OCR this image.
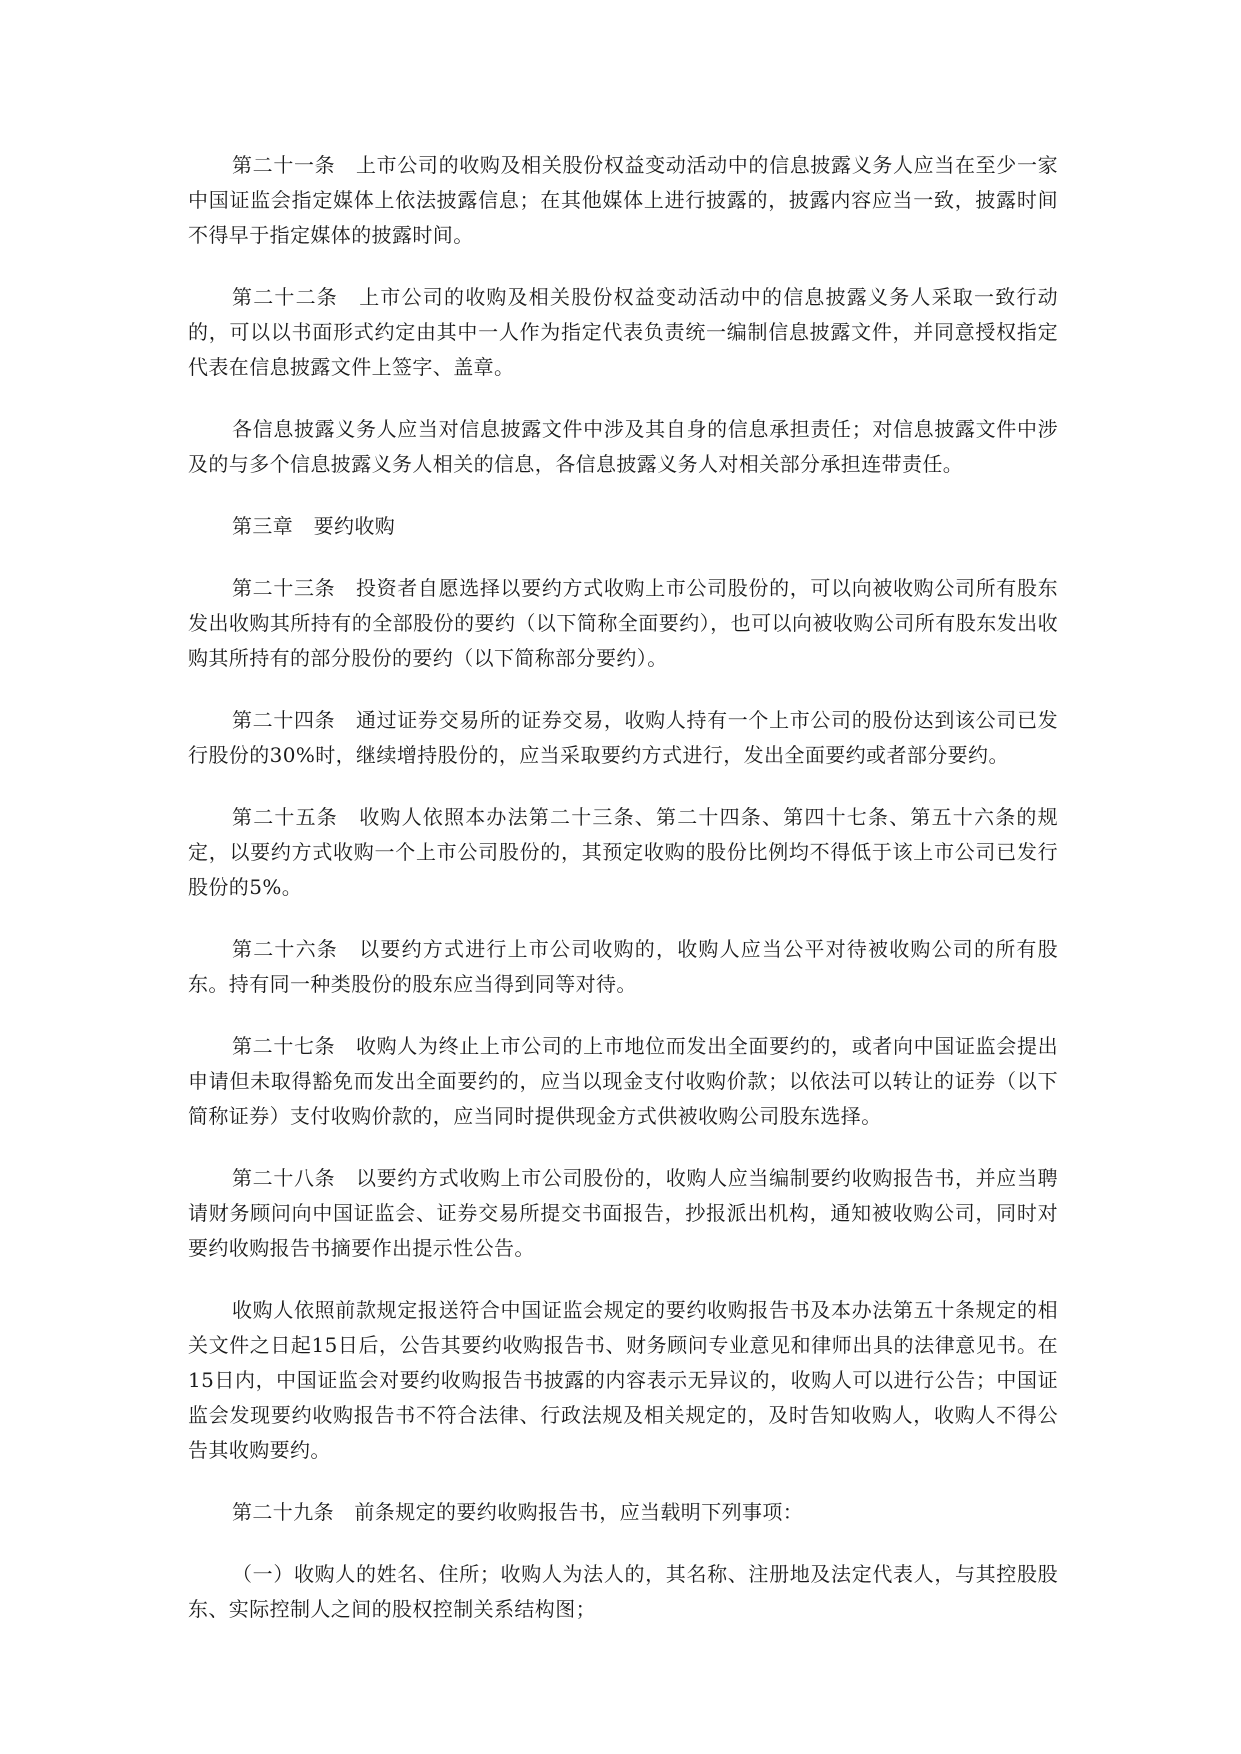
第二十一条　上市公司的收购及相关股份权益变动活动中的信息披露义务人应当在至少一家中国证监会指定媒体上依法披露信息；在其他媒体上进行披露的，披露内容应当一致，披露时间不得早于指定媒体的披露时间。

第二十二条　上市公司的收购及相关股份权益变动活动中的信息披露义务人采取一致行动的，可以以书面形式约定由其中一人作为指定代表负责统一编制信息披露文件，并同意授权指定代表在信息披露文件上签字、盖章。

各信息披露义务人应当对信息披露文件中涉及其自身的信息承担责任；对信息披露文件中涉及的与多个信息披露义务人相关的信息，各信息披露义务人对相关部分承担连带责任。

第三章　要约收购

第二十三条　投资者自愿选择以要约方式收购上市公司股份的，可以向被收购公司所有股东发出收购其所持有的全部股份的要约（以下简称全面要约），也可以向被收购公司所有股东发出收购其所持有的部分股份的要约（以下简称部分要约）。

第二十四条　通过证券交易所的证券交易，收购人持有一个上市公司的股份达到该公司已发行股份的30%时，继续增持股份的，应当采取要约方式进行，发出全面要约或者部分要约。

第二十五条　收购人依照本办法第二十三条、第二十四条、第四十七条、第五十六条的规定，以要约方式收购一个上市公司股份的，其预定收购的股份比例均不得低于该上市公司已发行股份的5%。

第二十六条　以要约方式进行上市公司收购的，收购人应当公平对待被收购公司的所有股东。持有同一种类股份的股东应当得到同等对待。

第二十七条　收购人为终止上市公司的上市地位而发出全面要约的，或者向中国证监会提出申请但未取得豁免而发出全面要约的，应当以现金支付收购价款；以依法可以转让的证券（以下简称证券）支付收购价款的，应当同时提供现金方式供被收购公司股东选择。

第二十八条　以要约方式收购上市公司股份的，收购人应当编制要约收购报告书，并应当聘请财务顾问向中国证监会、证券交易所提交书面报告，抄报派出机构，通知被收购公司，同时对要约收购报告书摘要作出提示性公告。

收购人依照前款规定报送符合中国证监会规定的要约收购报告书及本办法第五十条规定的相关文件之日起15日后，公告其要约收购报告书、财务顾问专业意见和律师出具的法律意见书。在15日内，中国证监会对要约收购报告书披露的内容表示无异议的，收购人可以进行公告；中国证监会发现要约收购报告书不符合法律、行政法规及相关规定的，及时告知收购人，收购人不得公告其收购要约。

第二十九条　前条规定的要约收购报告书，应当载明下列事项：

（一）收购人的姓名、住所；收购人为法人的，其名称、注册地及法定代表人，与其控股股东、实际控制人之间的股权控制关系结构图；
